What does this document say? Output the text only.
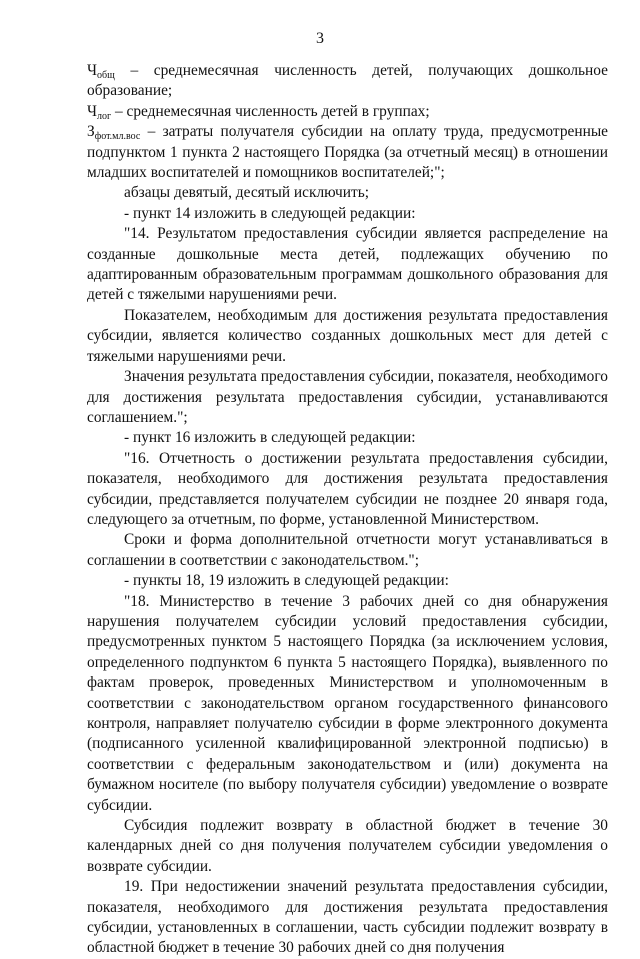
3

$Ч_{общ}$ – среднемесячная численность детей, получающих дошкольное образование;

$Ч_{лог}$ – среднемесячная численность детей в группах;

$З_{фот.мл.вос}$ – затраты получателя субсидии на оплату труда, предусмотренные подпунктом 1 пункта 2 настоящего Порядка (за отчетный месяц) в отношении младших воспитателей и помощников воспитателей;";

абзацы девятый, десятый исключить;

- пункт 14 изложить в следующей редакции:

"14. Результатом предоставления субсидии является распределение на созданные дошкольные места детей, подлежащих обучению по адаптированным образовательным программам дошкольного образования для детей с тяжелыми нарушениями речи.

Показателем, необходимым для достижения результата предоставления субсидии, является количество созданных дошкольных мест для детей с тяжелыми нарушениями речи.

Значения результата предоставления субсидии, показателя, необходимого для достижения результата предоставления субсидии, устанавливаются соглашением.";

- пункт 16 изложить в следующей редакции:

"16. Отчетность о достижении результата предоставления субсидии, показателя, необходимого для достижения результата предоставления субсидии, представляется получателем субсидии не позднее 20 января года, следующего за отчетным, по форме, установленной Министерством.

Сроки и форма дополнительной отчетности могут устанавливаться в соглашении в соответствии с законодательством.";

- пункты 18, 19 изложить в следующей редакции:

"18. Министерство в течение 3 рабочих дней со дня обнаружения нарушения получателем субсидии условий предоставления субсидии, предусмотренных пунктом 5 настоящего Порядка (за исключением условия, определенного подпунктом 6 пункта 5 настоящего Порядка), выявленного по фактам проверок, проведенных Министерством и уполномоченным в соответствии с законодательством органом государственного финансового контроля, направляет получателю субсидии в форме электронного документа (подписанного усиленной квалифицированной электронной подписью) в соответствии с федеральным законодательством и (или) документа на бумажном носителе (по выбору получателя субсидии) уведомление о возврате субсидии.

Субсидия подлежит возврату в областной бюджет в течение 30 календарных дней со дня получения получателем субсидии уведомления о возврате субсидии.

19. При недостижении значений результата предоставления субсидии, показателя, необходимого для достижения результата предоставления субсидии, установленных в соглашении, часть субсидии подлежит возврату в областной бюджет в течение 30 рабочих дней со дня получения
